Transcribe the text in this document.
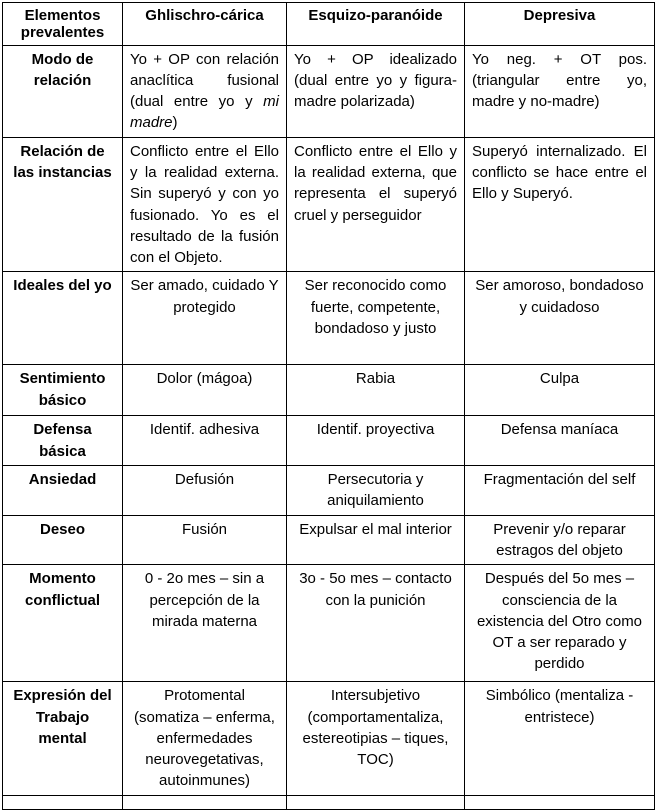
Elementos prevalentes	Ghlischro-cárica	Esquizo-paranóide	Depresiva
Modo de relación	Yo + OP con relación anaclítica fusional (dual entre yo y mi madre)	Yo + OP idealizado (dual entre yo y figura-madre polarizada)	Yo neg. + OT pos. (triangular entre yo, madre y no-madre)
Relación de las instancias	Conflicto entre el Ello y la realidad externa. Sin superyó y con yo fusionado. Yo es el resultado de la fusión con el Objeto.	Conflicto entre el Ello y la realidad externa, que representa el superyó cruel y perseguidor	Superyó internalizado. El conflicto se hace entre el Ello y Superyó.
Ideales del yo	Ser amado, cuidado Y protegido	Ser reconocido como fuerte, competente, bondadoso y justo	Ser amoroso, bondadoso y cuidadoso
Sentimiento básico	Dolor (mágoa)	Rabia	Culpa
Defensa básica	Identif. adhesiva	Identif. proyectiva	Defensa maníaca
Ansiedad	Defusión	Persecutoria y aniquilamiento	Fragmentación del self
Deseo	Fusión	Expulsar el mal interior	Prevenir y/o reparar estragos del objeto
Momento conflictual	0 - 2o mes – sin a percepción de la mirada materna	3o - 5o mes – contacto con la punición	Después del 5o mes – consciencia de la existencia del Otro como OT a ser reparado y perdido
Expresión del Trabajo mental	Protomental (somatiza – enferma, enfermedades neurovegetativas, autoinmunes)	Intersubjetivo (comportamentaliza, estereotipias – tiques, TOC)	Simbólico (mentaliza - entristece)
